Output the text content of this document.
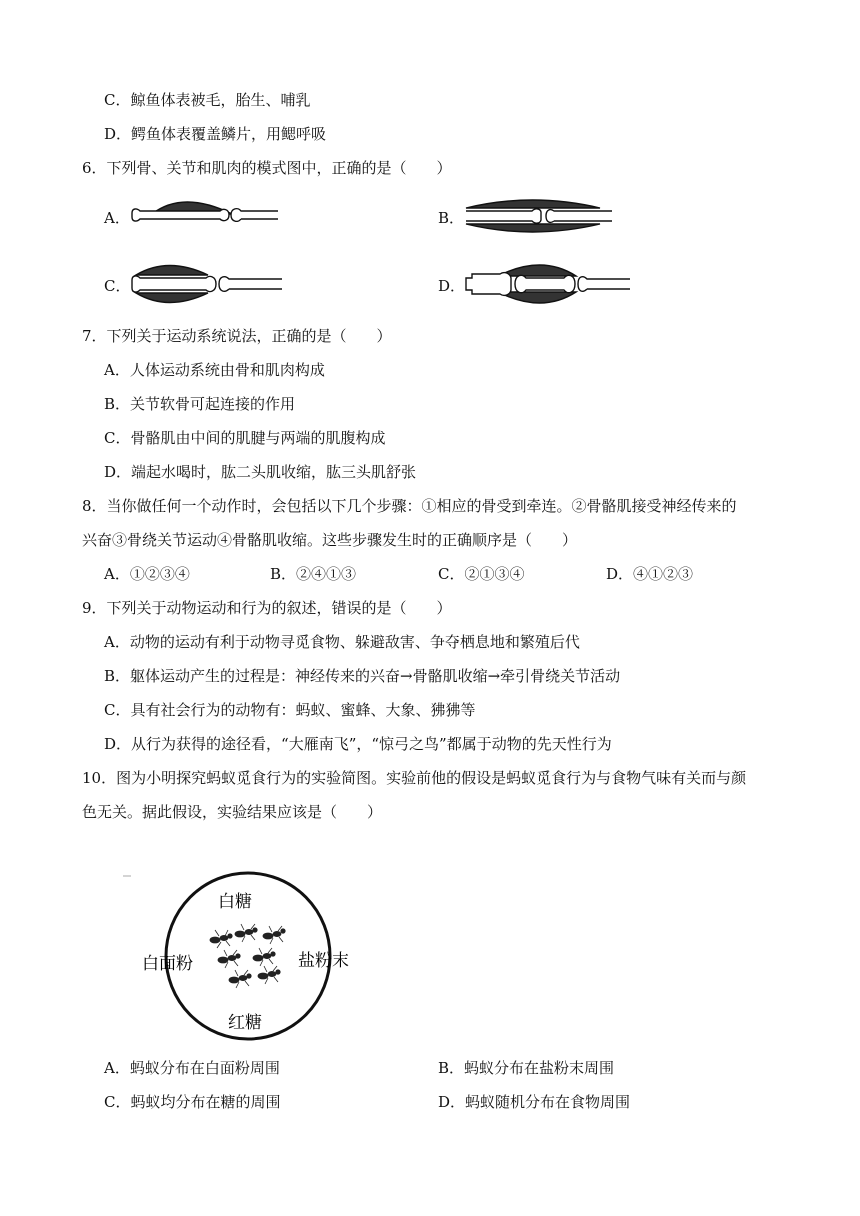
C．鲸鱼体表被毛，胎生、哺乳
D．鳄鱼体表覆盖鳞片，用鳃呼吸
6．下列骨、关节和肌肉的模式图中，正确的是（　　）
A．	B．
C．	D．
7．下列关于运动系统说法，正确的是（　　）
A．人体运动系统由骨和肌肉构成
B．关节软骨可起连接的作用
C．骨骼肌由中间的肌腱与两端的肌腹构成
D．端起水喝时，肱二头肌收缩，肱三头肌舒张
8．当你做任何一个动作时，会包括以下几个步骤：①相应的骨受到牵连。②骨骼肌接受神经传来的
兴奋③骨绕关节运动④骨骼肌收缩。这些步骤发生时的正确顺序是（　　）
A．①②③④	B．②④①③	C．②①③④	D．④①②③
9．下列关于动物运动和行为的叙述，错误的是（　　）
A．动物的运动有利于动物寻觅食物、躲避敌害、争夺栖息地和繁殖后代
B．躯体运动产生的过程是：神经传来的兴奋→骨骼肌收缩→牵引骨绕关节活动
C．具有社会行为的动物有：蚂蚁、蜜蜂、大象、狒狒等
D．从行为获得的途径看，“大雁南飞”，“惊弓之鸟”都属于动物的先天性行为
10．图为小明探究蚂蚁觅食行为的实验简图。实验前他的假设是蚂蚁觅食行为与食物气味有关而与颜
色无关。据此假设，实验结果应该是（　　）
白糖
白面粉	盐粉末
红糖
A．蚂蚁分布在白面粉周围	B．蚂蚁分布在盐粉末周围
C．蚂蚁均分布在糖的周围	D．蚂蚁随机分布在食物周围
